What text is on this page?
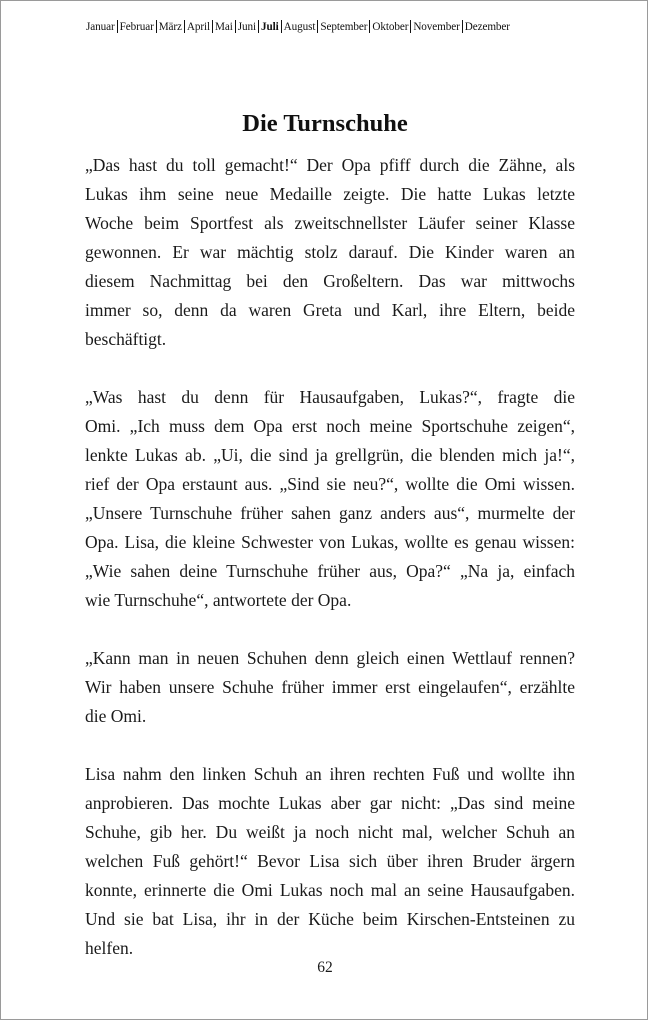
Januar Februar März April Mai Juni Juli August September Oktober November Dezember
Die Turnschuhe

„Das hast du toll gemacht!“ Der Opa pfiff durch die Zähne, als
Lukas ihm seine neue Medaille zeigte. Die hatte Lukas letzte
Woche beim Sportfest als zweitschnellster Läufer seiner Klasse
gewonnen. Er war mächtig stolz darauf. Die Kinder waren an
diesem Nachmittag bei den Großeltern. Das war mittwochs
immer so, denn da waren Greta und Karl, ihre Eltern, beide
beschäftigt.

„Was hast du denn für Hausaufgaben, Lukas?“, fragte die
Omi. „Ich muss dem Opa erst noch meine Sportschuhe zeigen“,
lenkte Lukas ab. „Ui, die sind ja grellgrün, die blenden mich ja!“,
rief der Opa erstaunt aus. „Sind sie neu?“, wollte die Omi wissen.
„Unsere Turnschuhe früher sahen ganz anders aus“, murmelte der
Opa. Lisa, die kleine Schwester von Lukas, wollte es genau wissen:
„Wie sahen deine Turnschuhe früher aus, Opa?“ „Na ja, einfach
wie Turnschuhe“, antwortete der Opa.

„Kann man in neuen Schuhen denn gleich einen Wettlauf rennen?
Wir haben unsere Schuhe früher immer erst eingelaufen“, erzählte
die Omi.

Lisa nahm den linken Schuh an ihren rechten Fuß und wollte ihn
anprobieren. Das mochte Lukas aber gar nicht: „Das sind meine
Schuhe, gib her. Du weißt ja noch nicht mal, welcher Schuh an
welchen Fuß gehört!“ Bevor Lisa sich über ihren Bruder ärgern
konnte, erinnerte die Omi Lukas noch mal an seine Hausaufgaben.
Und sie bat Lisa, ihr in der Küche beim Kirschen-Entsteinen zu
helfen.

62
